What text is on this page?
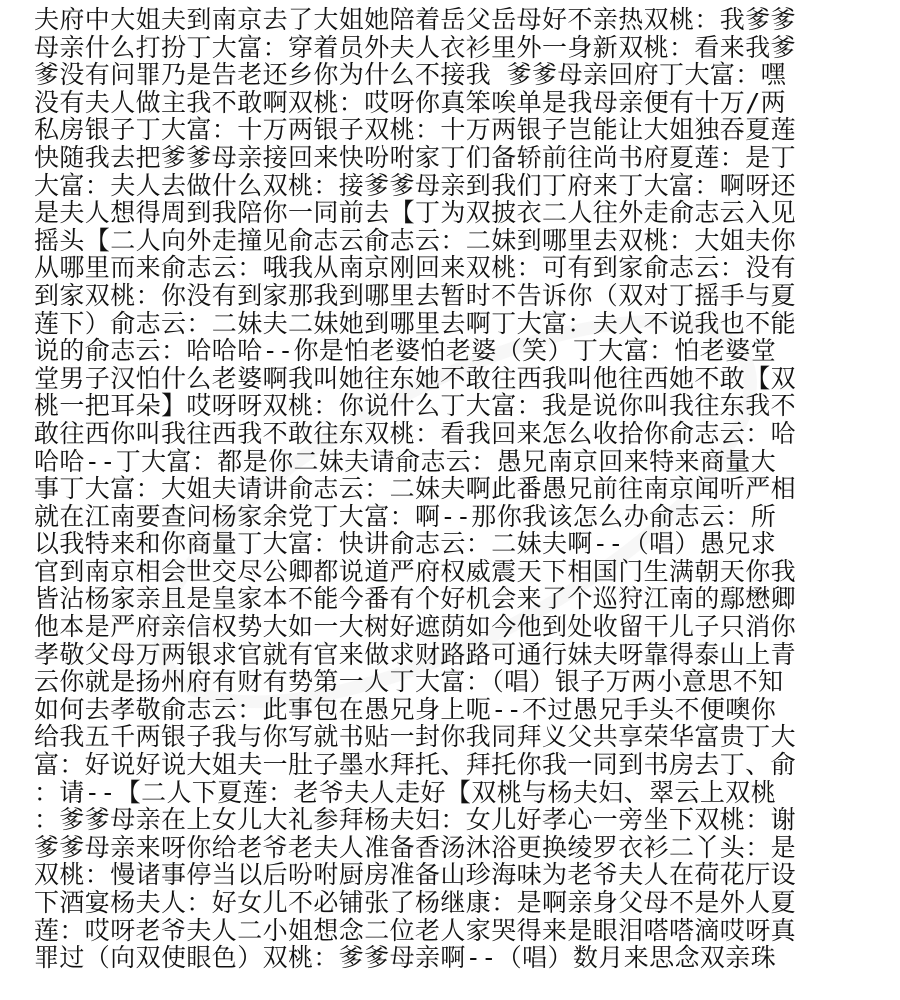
夫府中大姐夫到南京去了大姐她陪着岳父岳母好不亲热双桃：我爹爹
母亲什么打扮丁大富：穿着员外夫人衣衫里外一身新双桃：看来我爹
爹没有问罪乃是告老还乡你为什么不接我 爹爹母亲回府丁大富：嘿
没有夫人做主我不敢啊双桃：哎呀你真笨唉单是我母亲便有十万/两
私房银子丁大富：十万两银子双桃：十万两银子岂能让大姐独吞夏莲
快随我去把爹爹母亲接回来快吩咐家丁们备轿前往尚书府夏莲：是丁
大富：夫人去做什么双桃：接爹爹母亲到我们丁府来丁大富：啊呀还
是夫人想得周到我陪你一同前去【丁为双披衣二人往外走俞志云入见
摇头【二人向外走撞见俞志云俞志云：二妹到哪里去双桃：大姐夫你
从哪里而来俞志云：哦我从南京刚回来双桃：可有到家俞志云：没有
到家双桃：你没有到家那我到哪里去暂时不告诉你（双对丁摇手与夏
莲下）俞志云：二妹夫二妹她到哪里去啊丁大富：夫人不说我也不能
说的俞志云：哈哈哈--你是怕老婆怕老婆（笑）丁大富：怕老婆堂
堂男子汉怕什么老婆啊我叫她往东她不敢往西我叫他往西她不敢【双
桃一把耳朵】哎呀呀双桃：你说什么丁大富：我是说你叫我往东我不
敢往西你叫我往西我不敢往东双桃：看我回来怎么收拾你俞志云：哈
哈哈--丁大富：都是你二妹夫请俞志云：愚兄南京回来特来商量大
事丁大富：大姐夫请讲俞志云：二妹夫啊此番愚兄前往南京闻听严相
就在江南要查问杨家余党丁大富：啊--那你我该怎么办俞志云：所
以我特来和你商量丁大富：快讲俞志云：二妹夫啊--（唱）愚兄求
官到南京相会世交尽公卿都说道严府权威震天下相国门生满朝天你我
皆沾杨家亲且是皇家本不能今番有个好机会来了个巡狩江南的鄢懋卿
他本是严府亲信权势大如一大树好遮荫如今他到处收留干儿子只消你
孝敬父母万两银求官就有官来做求财路路可通行妹夫呀靠得泰山上青
云你就是扬州府有财有势第一人丁大富：（唱）银子万两小意思不知
如何去孝敬俞志云：此事包在愚兄身上呃--不过愚兄手头不便噢你
给我五千两银子我与你写就书贴一封你我同拜义父共享荣华富贵丁大
富：好说好说大姐夫一肚子墨水拜托、拜托你我一同到书房去丁、俞
：请--【二人下夏莲：老爷夫人走好【双桃与杨夫妇、翠云上双桃
：爹爹母亲在上女儿大礼参拜杨夫妇：女儿好孝心一旁坐下双桃：谢
爹爹母亲来呀你给老爷老夫人准备香汤沐浴更换绫罗衣衫二丫头：是
双桃：慢诸事停当以后吩咐厨房准备山珍海味为老爷夫人在荷花厅设
下酒宴杨夫人：好女儿不必铺张了杨继康：是啊亲身父母不是外人夏
莲：哎呀老爷夫人二小姐想念二位老人家哭得来是眼泪嗒嗒滴哎呀真
罪过（向双使眼色）双桃：爹爹母亲啊--（唱）数月来思念双亲珠
